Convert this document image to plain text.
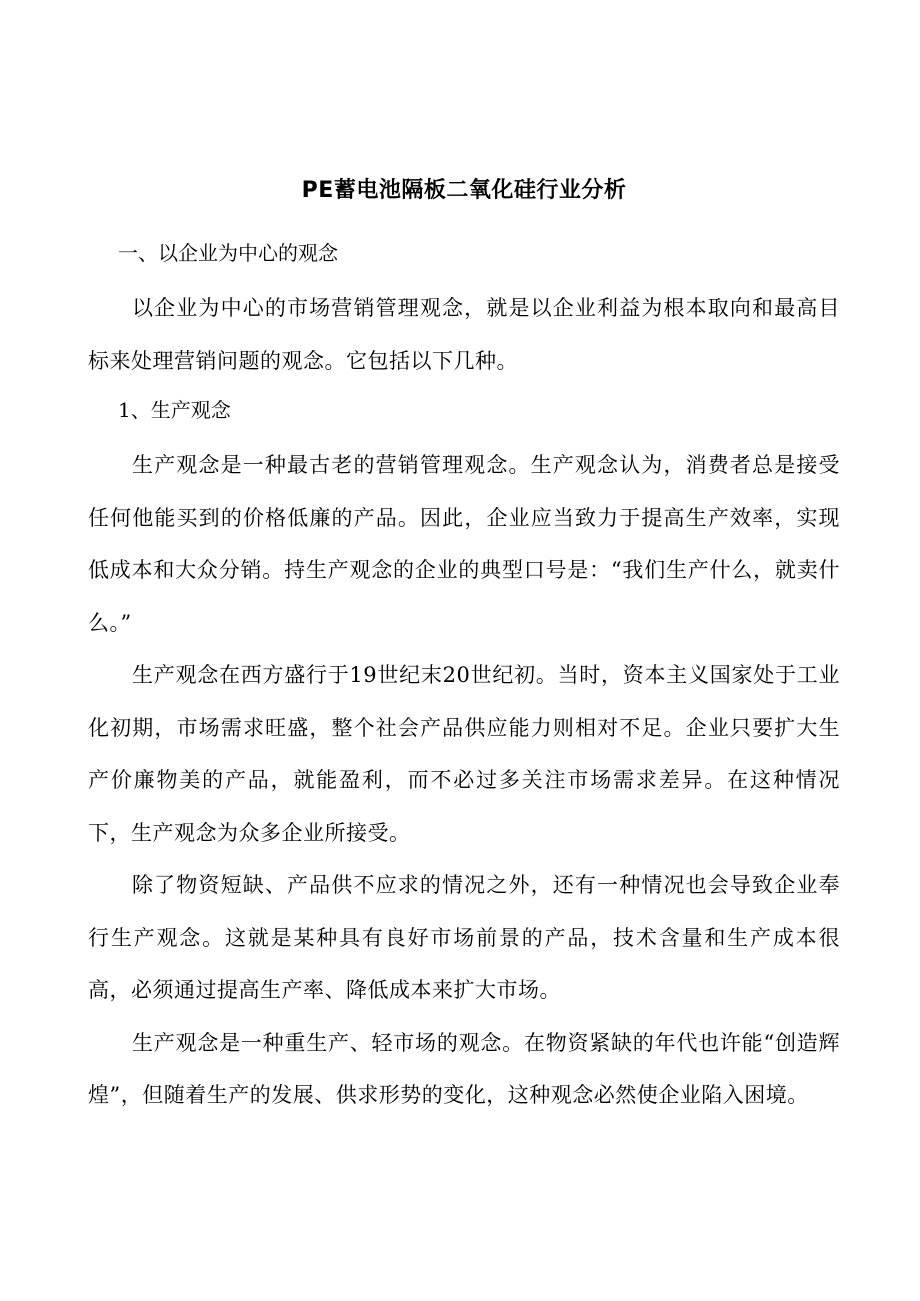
PE蓄电池隔板二氧化硅行业分析

一、以企业为中心的观念

以企业为中心的市场营销管理观念，就是以企业利益为根本取向和最高目标来处理营销问题的观念。它包括以下几种。

1、生产观念

生产观念是一种最古老的营销管理观念。生产观念认为，消费者总是接受任何他能买到的价格低廉的产品。因此，企业应当致力于提高生产效率，实现低成本和大众分销。持生产观念的企业的典型口号是：“我们生产什么，就卖什么。”

生产观念在西方盛行于19世纪末20世纪初。当时，资本主义国家处于工业化初期，市场需求旺盛，整个社会产品供应能力则相对不足。企业只要扩大生产价廉物美的产品，就能盈利，而不必过多关注市场需求差异。在这种情况下，生产观念为众多企业所接受。

除了物资短缺、产品供不应求的情况之外，还有一种情况也会导致企业奉行生产观念。这就是某种具有良好市场前景的产品，技术含量和生产成本很高，必须通过提高生产率、降低成本来扩大市场。

生产观念是一种重生产、轻市场的观念。在物资紧缺的年代也许能“创造辉煌”，但随着生产的发展、供求形势的变化，这种观念必然使企业陷入困境。
